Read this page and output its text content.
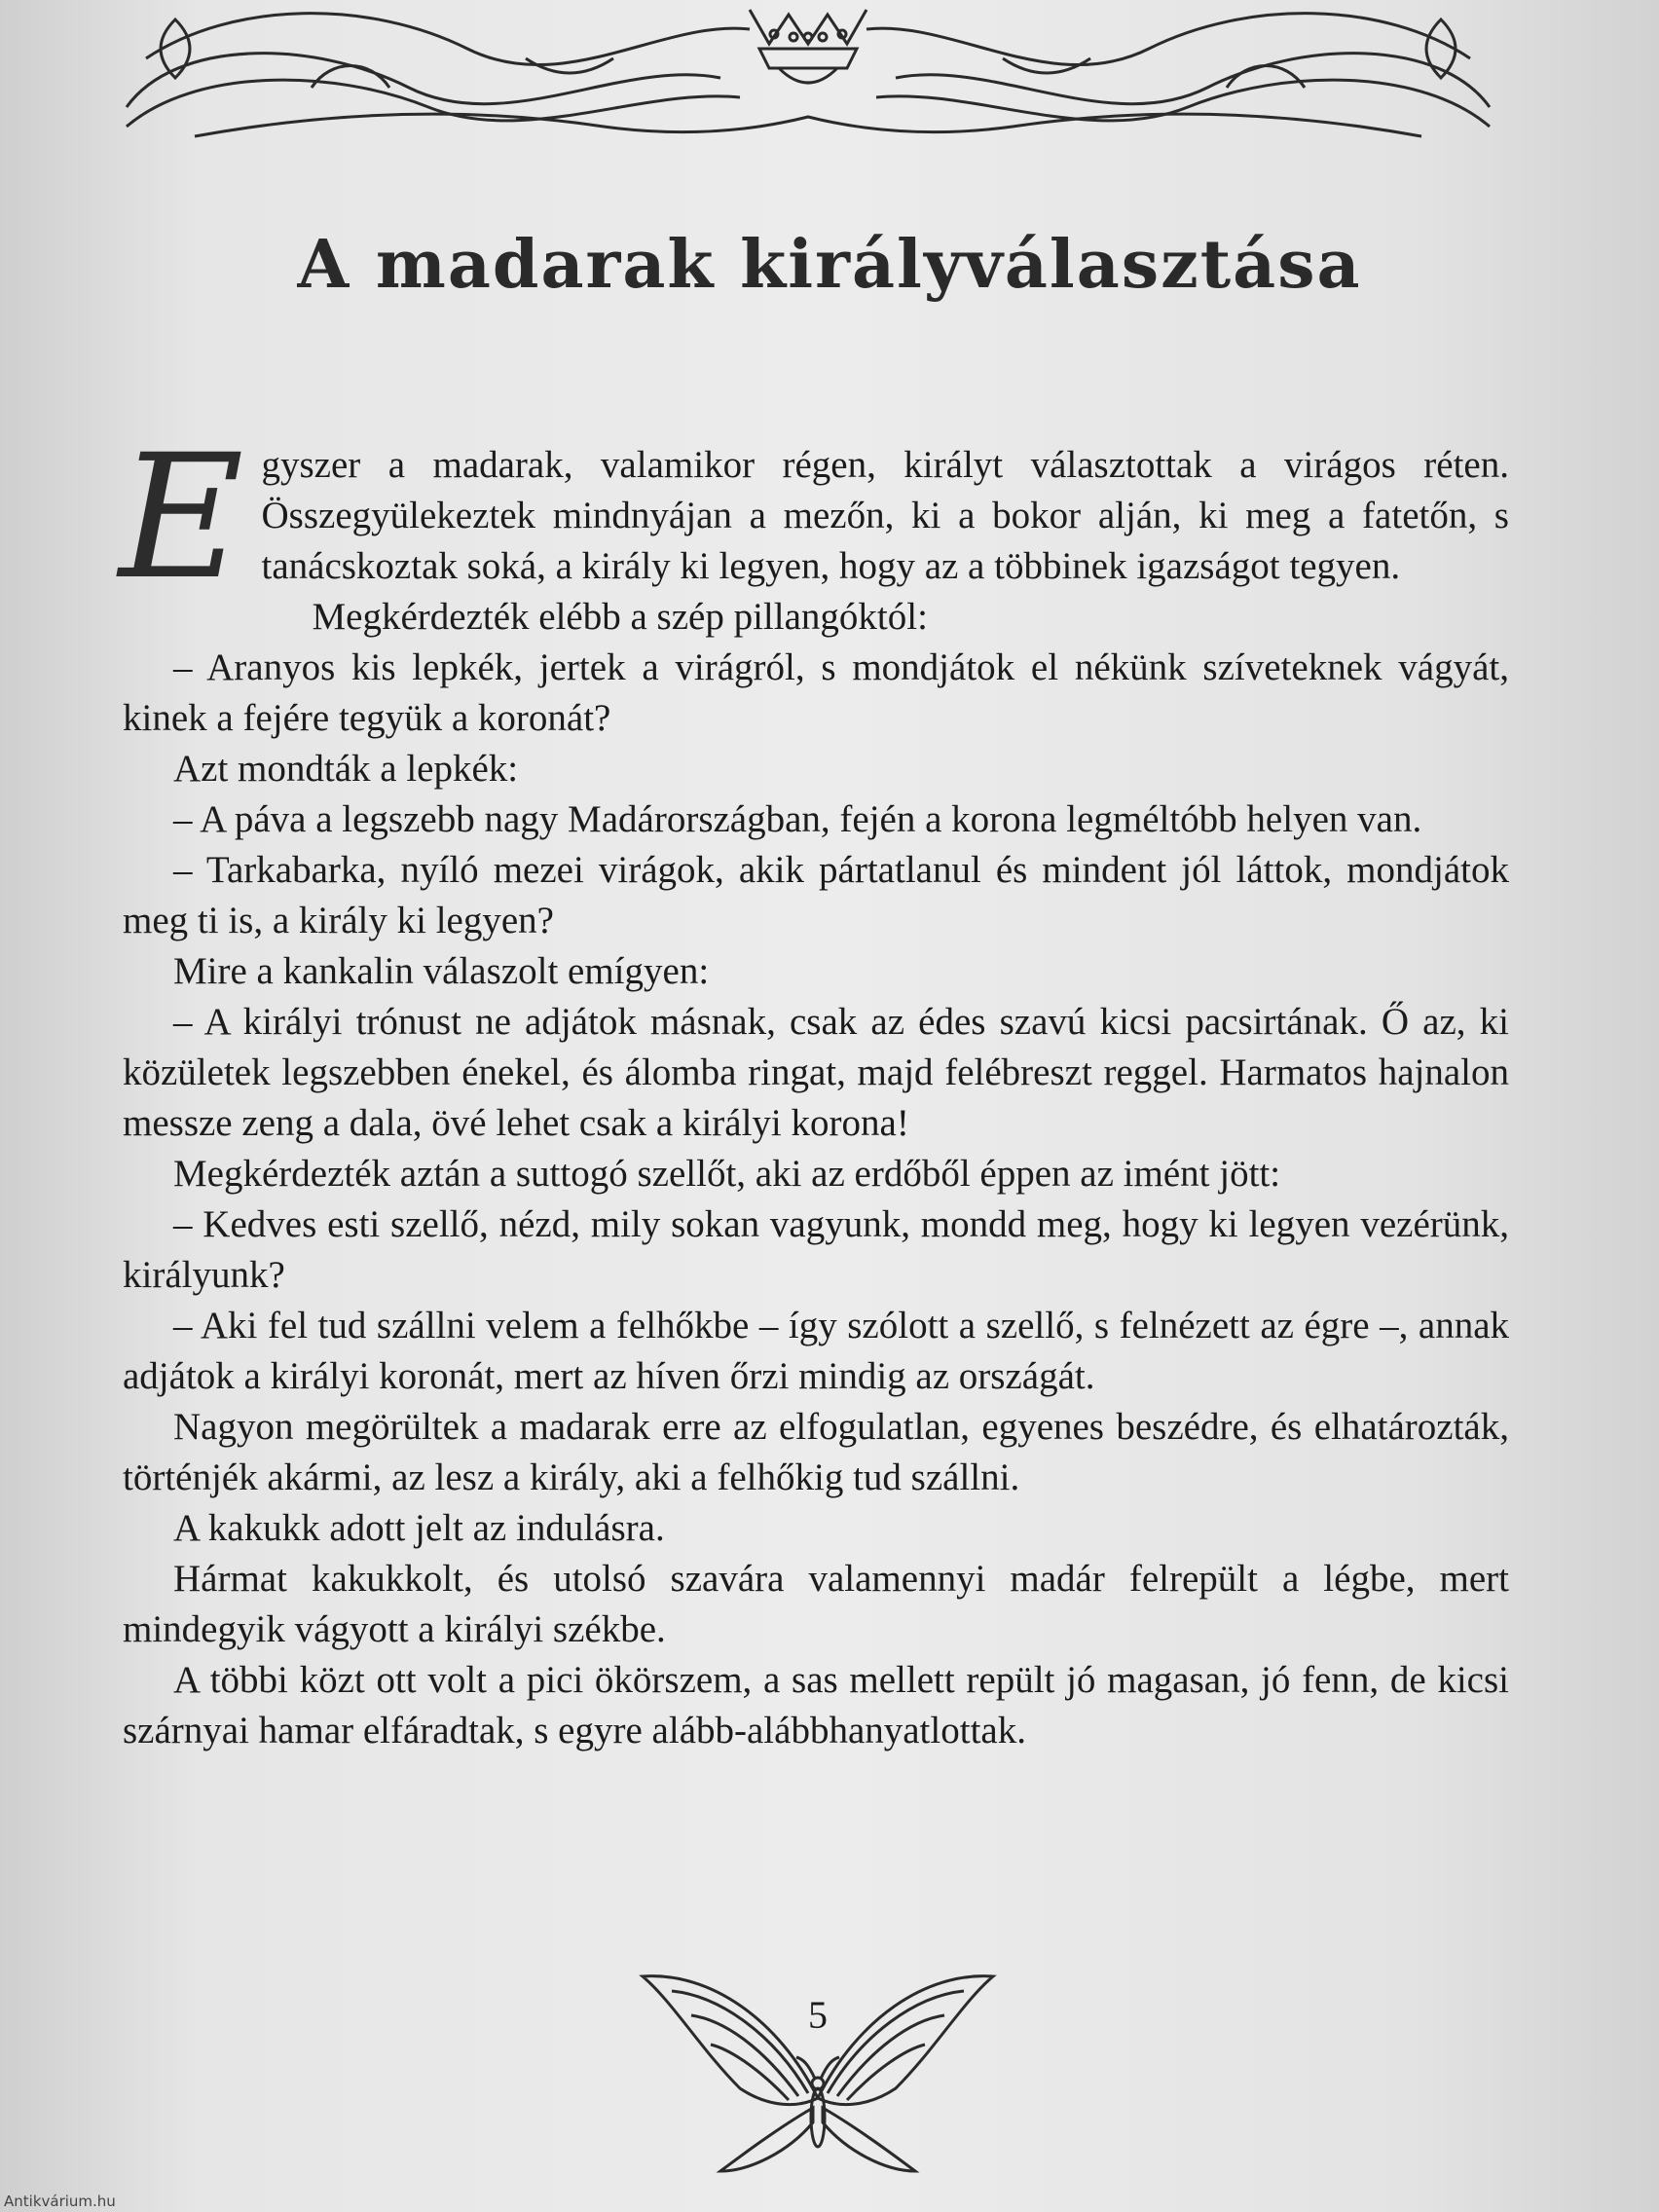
A madarak királyválasztása

Egyszer a madarak, valamikor régen, királyt választottak a virágos réten. Összegyülekeztek mindnyájan a mezőn, ki a bokor alján, ki meg a fatetőn, s tanácskoztak soká, a király ki legyen, hogy az a többinek igazságot tegyen.

Megkérdezték elébb a szép pillangóktól:

– Aranyos kis lepkék, jertek a virágról, s mondjátok el nékünk szíveteknek vágyát, kinek a fejére tegyük a koronát?

Azt mondták a lepkék:

– A páva a legszebb nagy Madárországban, fején a korona legméltóbb helyen van.

– Tarkabarka, nyíló mezei virágok, akik pártatlanul és mindent jól láttok, mondjátok meg ti is, a király ki legyen?

Mire a kankalin válaszolt emígyen:

– A királyi trónust ne adjátok másnak, csak az édes szavú kicsi pacsirtának. Ő az, ki közületek legszebben énekel, és álomba ringat, majd felébreszt reggel. Harmatos hajnalon messze zeng a dala, övé lehet csak a királyi korona!

Megkérdezték aztán a suttogó szellőt, aki az erdőből éppen az imént jött:

– Kedves esti szellő, nézd, mily sokan vagyunk, mondd meg, hogy ki legyen vezérünk, királyunk?

– Aki fel tud szállni velem a felhőkbe – így szólott a szellő, s felnézett az égre –, annak adjátok a királyi koronát, mert az híven őrzi mindig az országát.

Nagyon megörültek a madarak erre az elfogulatlan, egyenes beszédre, és elhatározták, történjék akármi, az lesz a király, aki a felhőkig tud szállni.

A kakukk adott jelt az indulásra.

Hármat kakukkolt, és utolsó szavára valamennyi madár felrepült a légbe, mert mindegyik vágyott a királyi székbe.

A többi közt ott volt a pici ökörszem, a sas mellett repült jó magasan, jó fenn, de kicsi szárnyai hamar elfáradtak, s egyre alább-alábbhanyatlottak.

5
Antikvárium.hu
